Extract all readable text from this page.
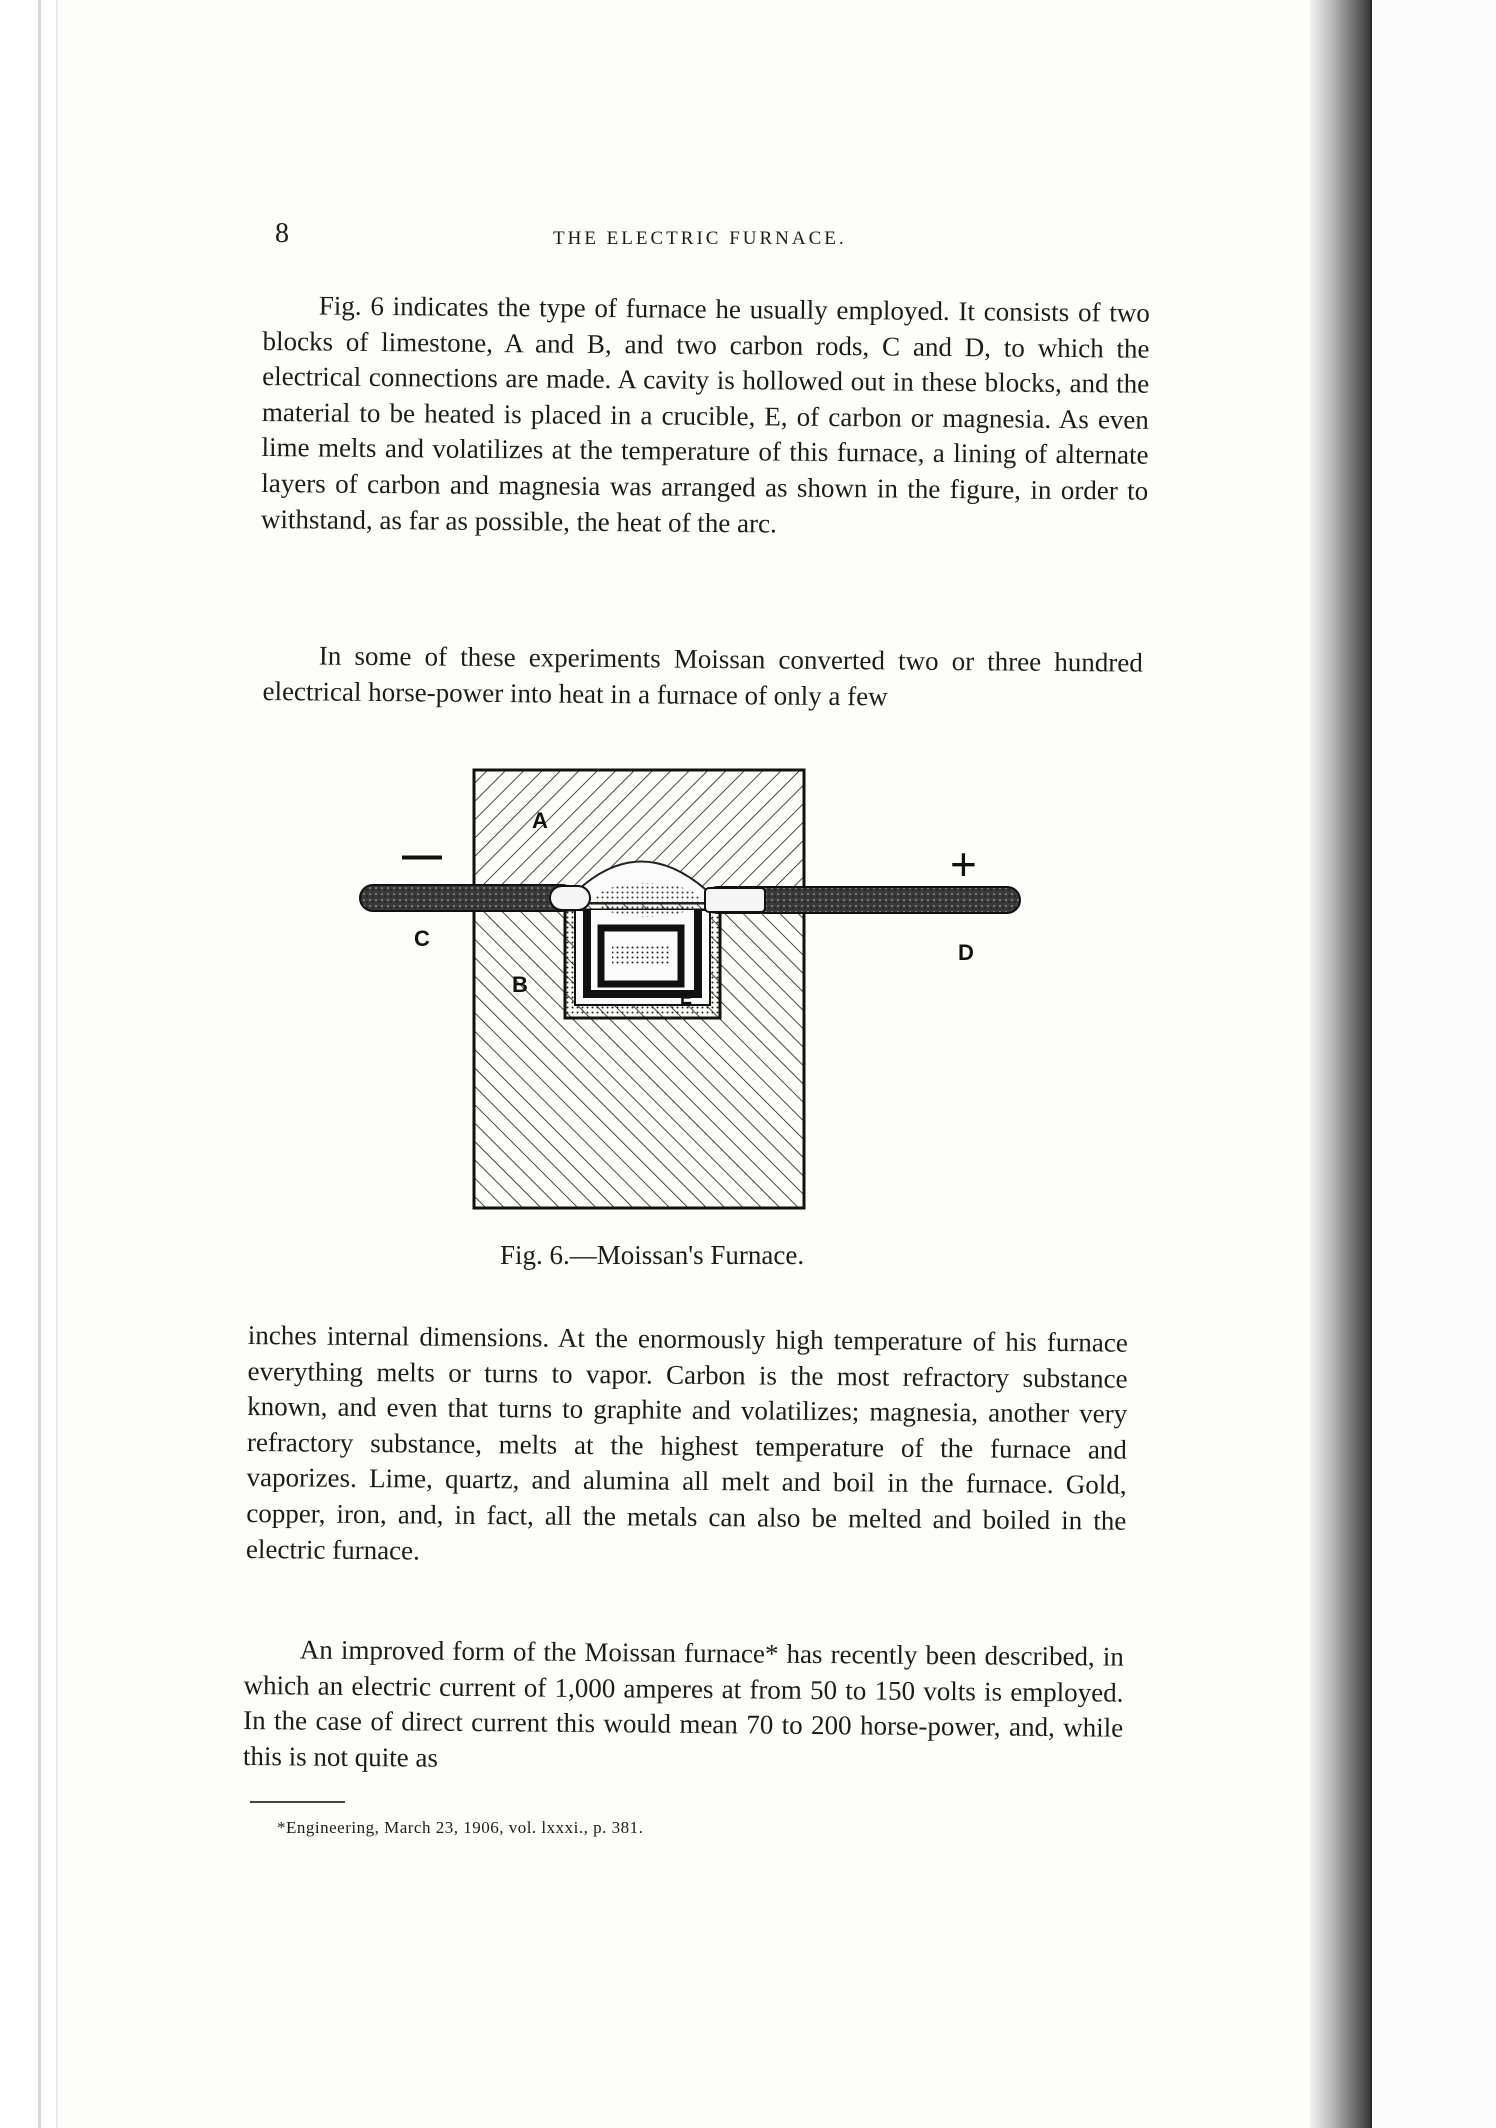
8	THE ELECTRIC FURNACE.

Fig. 6 indicates the type of furnace he usually employed. It consists of two blocks of limestone, A and B, and two carbon rods, C and D, to which the electrical connections are made. A cavity is hollowed out in these blocks, and the material to be heated is placed in a crucible, E, of carbon or magnesia. As even lime melts and volatilizes at the temperature of this furnace, a lining of alternate layers of carbon and magnesia was arranged as shown in the figure, in order to withstand, as far as possible, the heat of the arc.

In some of these experiments Moissan converted two or three hundred electrical horse-power into heat in a furnace of only a few

A
B
C
D
E
—	+
Fig. 6.—Moissan's Furnace.

inches internal dimensions. At the enormously high temperature of his furnace everything melts or turns to vapor. Carbon is the most refractory substance known, and even that turns to graphite and volatilizes; magnesia, another very refractory substance, melts at the highest temperature of the furnace and vaporizes. Lime, quartz, and alumina all melt and boil in the furnace. Gold, copper, iron, and, in fact, all the metals can also be melted and boiled in the electric furnace.

An improved form of the Moissan furnace* has recently been described, in which an electric current of 1,000 amperes at from 50 to 150 volts is employed. In the case of direct current this would mean 70 to 200 horse-power, and, while this is not quite as

*Engineering, March 23, 1906, vol. lxxxi., p. 381.
